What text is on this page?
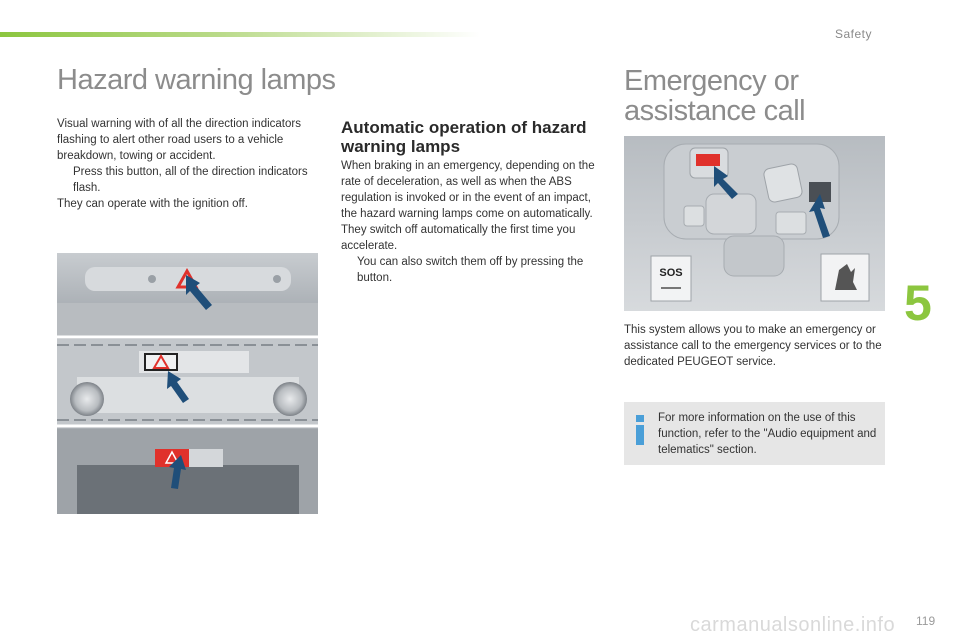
Safety
Hazard warning lamps

Visual warning with of all the direction indicators flashing to alert other road users to a vehicle breakdown, towing or accident.

Press this button, all of the direction indicators flash.

They can operate with the ignition off.

Automatic operation of hazard warning lamps

When braking in an emergency, depending on the rate of deceleration, as well as when the ABS regulation is invoked or in the event of an impact, the hazard warning lamps come on automatically.

They switch off automatically the first time you accelerate.

You can also switch them off by pressing the button.
Emergency or
assistance call
SOS
This system allows you to make an emergency or assistance call to the emergency services or to the dedicated PEUGEOT service.
For more information on the use of this function, refer to the "Audio equipment and telematics" section.
5
carmanualsonline.info 119
